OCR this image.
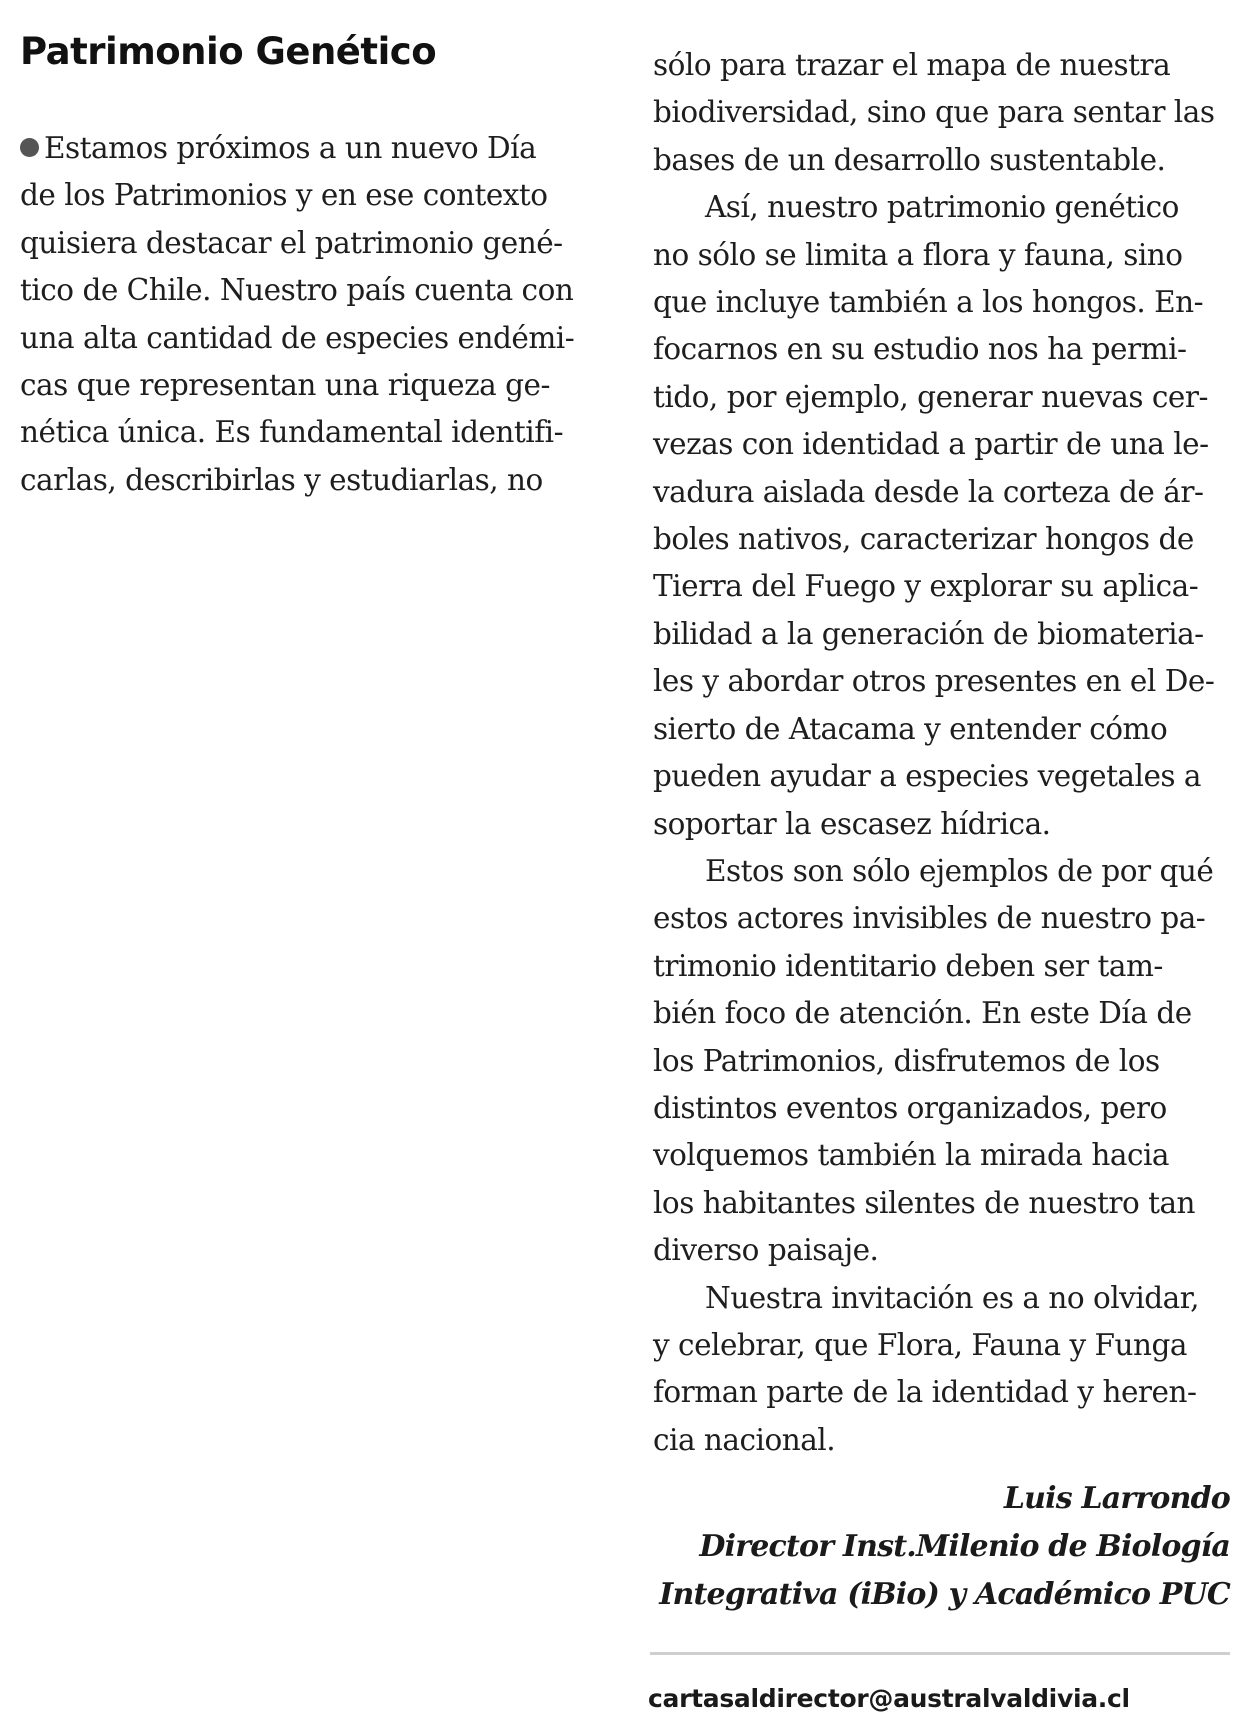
Patrimonio Genético
Estamos próximos a un nuevo Día
de los Patrimonios y en ese contexto
quisiera destacar el patrimonio gené-
tico de Chile. Nuestro país cuenta con
una alta cantidad de especies endémi-
cas que representan una riqueza ge-
nética única. Es fundamental identifi-
carlas, describirlas y estudiarlas, no
sólo para trazar el mapa de nuestra
biodiversidad, sino que para sentar las
bases de un desarrollo sustentable.
Así, nuestro patrimonio genético
no sólo se limita a flora y fauna, sino
que incluye también a los hongos. En-
focarnos en su estudio nos ha permi-
tido, por ejemplo, generar nuevas cer-
vezas con identidad a partir de una le-
vadura aislada desde la corteza de ár-
boles nativos, caracterizar hongos de
Tierra del Fuego y explorar su aplica-
bilidad a la generación de biomateria-
les y abordar otros presentes en el De-
sierto de Atacama y entender cómo
pueden ayudar a especies vegetales a
soportar la escasez hídrica.
Estos son sólo ejemplos de por qué
estos actores invisibles de nuestro pa-
trimonio identitario deben ser tam-
bién foco de atención. En este Día de
los Patrimonios, disfrutemos de los
distintos eventos organizados, pero
volquemos también la mirada hacia
los habitantes silentes de nuestro tan
diverso paisaje.
Nuestra invitación es a no olvidar,
y celebrar, que Flora, Fauna y Funga
forman parte de la identidad y heren-
cia nacional.
Luis Larrondo
Director Inst.Milenio de Biología
Integrativa (iBio) y Académico PUC
cartasaldirector@australvaldivia.cl
